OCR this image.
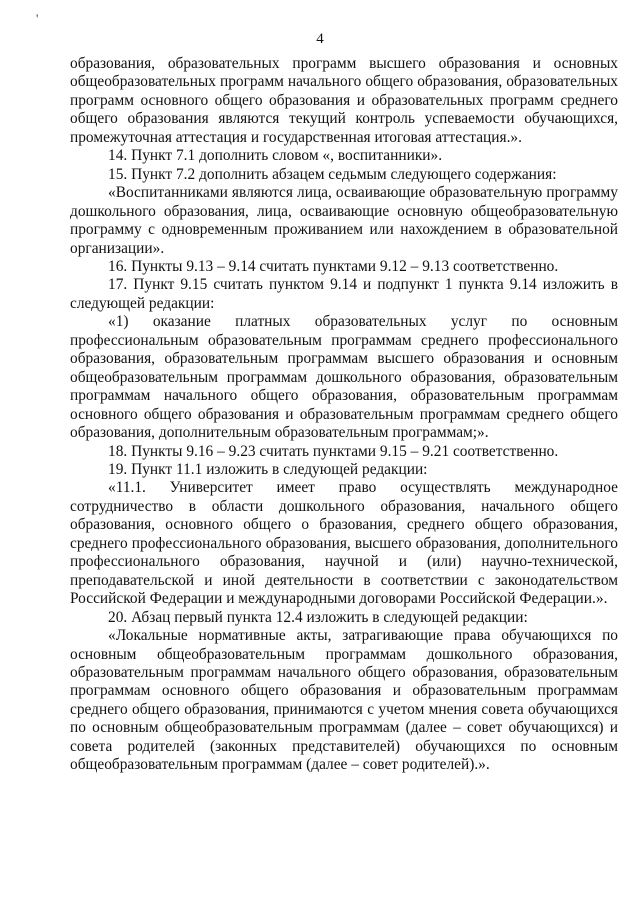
'
4

образования, образовательных программ высшего образования и основных общеобразовательных программ начального общего образования, образовательных программ основного общего образования и образовательных программ среднего общего образования являются текущий контроль успеваемости обучающихся, промежуточная аттестация и государственная итоговая аттестация.».

14. Пункт 7.1 дополнить словом «, воспитанники».

15. Пункт 7.2 дополнить абзацем седьмым следующего содержания:

«Воспитанниками являются лица, осваивающие образовательную программу дошкольного образования, лица, осваивающие основную общеобразовательную программу с одновременным проживанием или нахождением в образовательной организации».

16. Пункты 9.13 – 9.14 считать пунктами 9.12 – 9.13 соответственно.

17. Пункт 9.15 считать пунктом 9.14 и подпункт 1 пункта 9.14 изложить в следующей редакции:

«1) оказание платных образовательных услуг по основным профессиональным образовательным программам среднего профессионального образования, образовательным программам высшего образования и основным общеобразовательным программам дошкольного образования, образовательным программам начального общего образования, образовательным программам основного общего образования и образовательным программам среднего общего образования, дополнительным образовательным программам;».

18. Пункты 9.16 – 9.23 считать пунктами 9.15 – 9.21 соответственно.

19. Пункт 11.1 изложить в следующей редакции:

«11.1. Университет имеет право осуществлять международное сотрудничество в области дошкольного образования, начального общего образования, основного общего о бразования, среднего общего образования, среднего профессионального образования, высшего образования, дополнительного профессионального образования, научной и (или) научно-технической, преподавательской и иной деятельности в соответствии с законодательством Российской Федерации и международными договорами Российской Федерации.».

20. Абзац первый пункта 12.4 изложить в следующей редакции:

«Локальные нормативные акты, затрагивающие права обучающихся по основным общеобразовательным программам дошкольного образования, образовательным программам начального общего образования, образовательным программам основного общего образования и образовательным программам среднего общего образования, принимаются с учетом мнения совета обучающихся по основным общеобразовательным программам (далее – совет обучающихся) и совета родителей (законных представителей) обучающихся по основным общеобразовательным программам (далее – совет родителей).».
